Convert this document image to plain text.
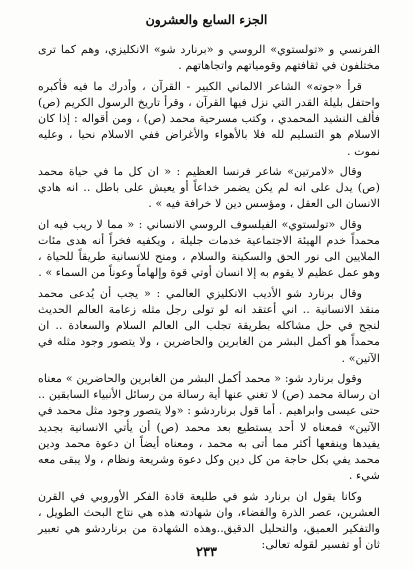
الجزء السابع والعشرون

الفرنسي و «تولستوي» الروسي و «برنارد شو» الانكليزي، وهم كما ترى مختلفون في ثقافتهم وقومياتهم واتجاهاتهم .

قرأ «جوته» الشاعر الالماني الكبير - القرآن ، وأدرك ما فيه فأكبره واحتفل بليلة القدر التي نزل فيها القرآن ، وقرأ تاريخ الرسول الكريم (ص) فألف النشيد المحمدي ، وكتب مسرحية محمد (ص) ، ومن أقواله : إذا كان الاسلام هو التسليم لله فلا بالأهواء والأغراض ففي الاسلام نحيا ، وعليه نموت .

وقال «لامرتين» شاعر فرنسا العظيم : « ان كل ما في حياة محمد (ص) يدل على انه لم يكن يضمر خداعاً أو يعيش على باطل .. انه هادي الانسان الى العقل ، ومؤسس دين لا خرافة فيه » .

وقال «تولستوي» الفيلسوف الروسي الانساني : « مما لا ريب فيه ان محمداً خدم الهيئة الاجتماعية خدمات جليلة ، ويكفيه فخراً أنه هدى مئات الملايين الى نور الحق والسكينة والسلام ، ومنح للانسانية طريقاً للحياة ، وهو عمل عظيم لا يقوم به إلا انسان أوتي قوة وإلهاماً وعوناً من السماء » .

وقال برنارد شو الأديب الانكليزي العالمي : « يجب أن يُدعى محمد منقذ الانسانية .. اني أعتقد انه لو تولى رجل مثله زعامة العالم الحديث لنجح في حل مشاكله بطريقة تجلب الى العالم السلام والسعادة .. ان محمداً هو أكمل البشر من الغابرين والحاضرين ، ولا يتصور وجود مثله في الآتين» .

وقول برنارد شو: « محمد أكمل البشر من الغابرين والحاضرين » معناه ان رسالة محمد (ص) لا تغني عنها أية رسالة من رسائل الأنبياء السابقين .. حتى عيسى وابراهيم . أما قول برناردشو : «ولا يتصور وجود مثل محمد في الآتين» فمعناه لا أحد يستطيع بعد محمد (ص) أن يأتي الانسانية بجديد يفيدها وينفعها أكثر مما أتى به محمد ، ومعناه أيضاً ان دعوة محمد ودين محمد يفي بكل حاجة من كل دين وكل دعوة وشريعة ونظام ، ولا يبقى معه شيء .

وكانا يقول ان برنارد شو في طليعة قادة الفكر الأوروبي في القرن العشرين، عصر الذرة والفضاء، وان شهادته هذه هي نتاج البحث الطويل ، والتفكير العميق، والتحليل الدقيق..وهذه الشهادة من برناردشو هي تعبير ثان أو تفسير لقوله تعالى:

٢٣٣
